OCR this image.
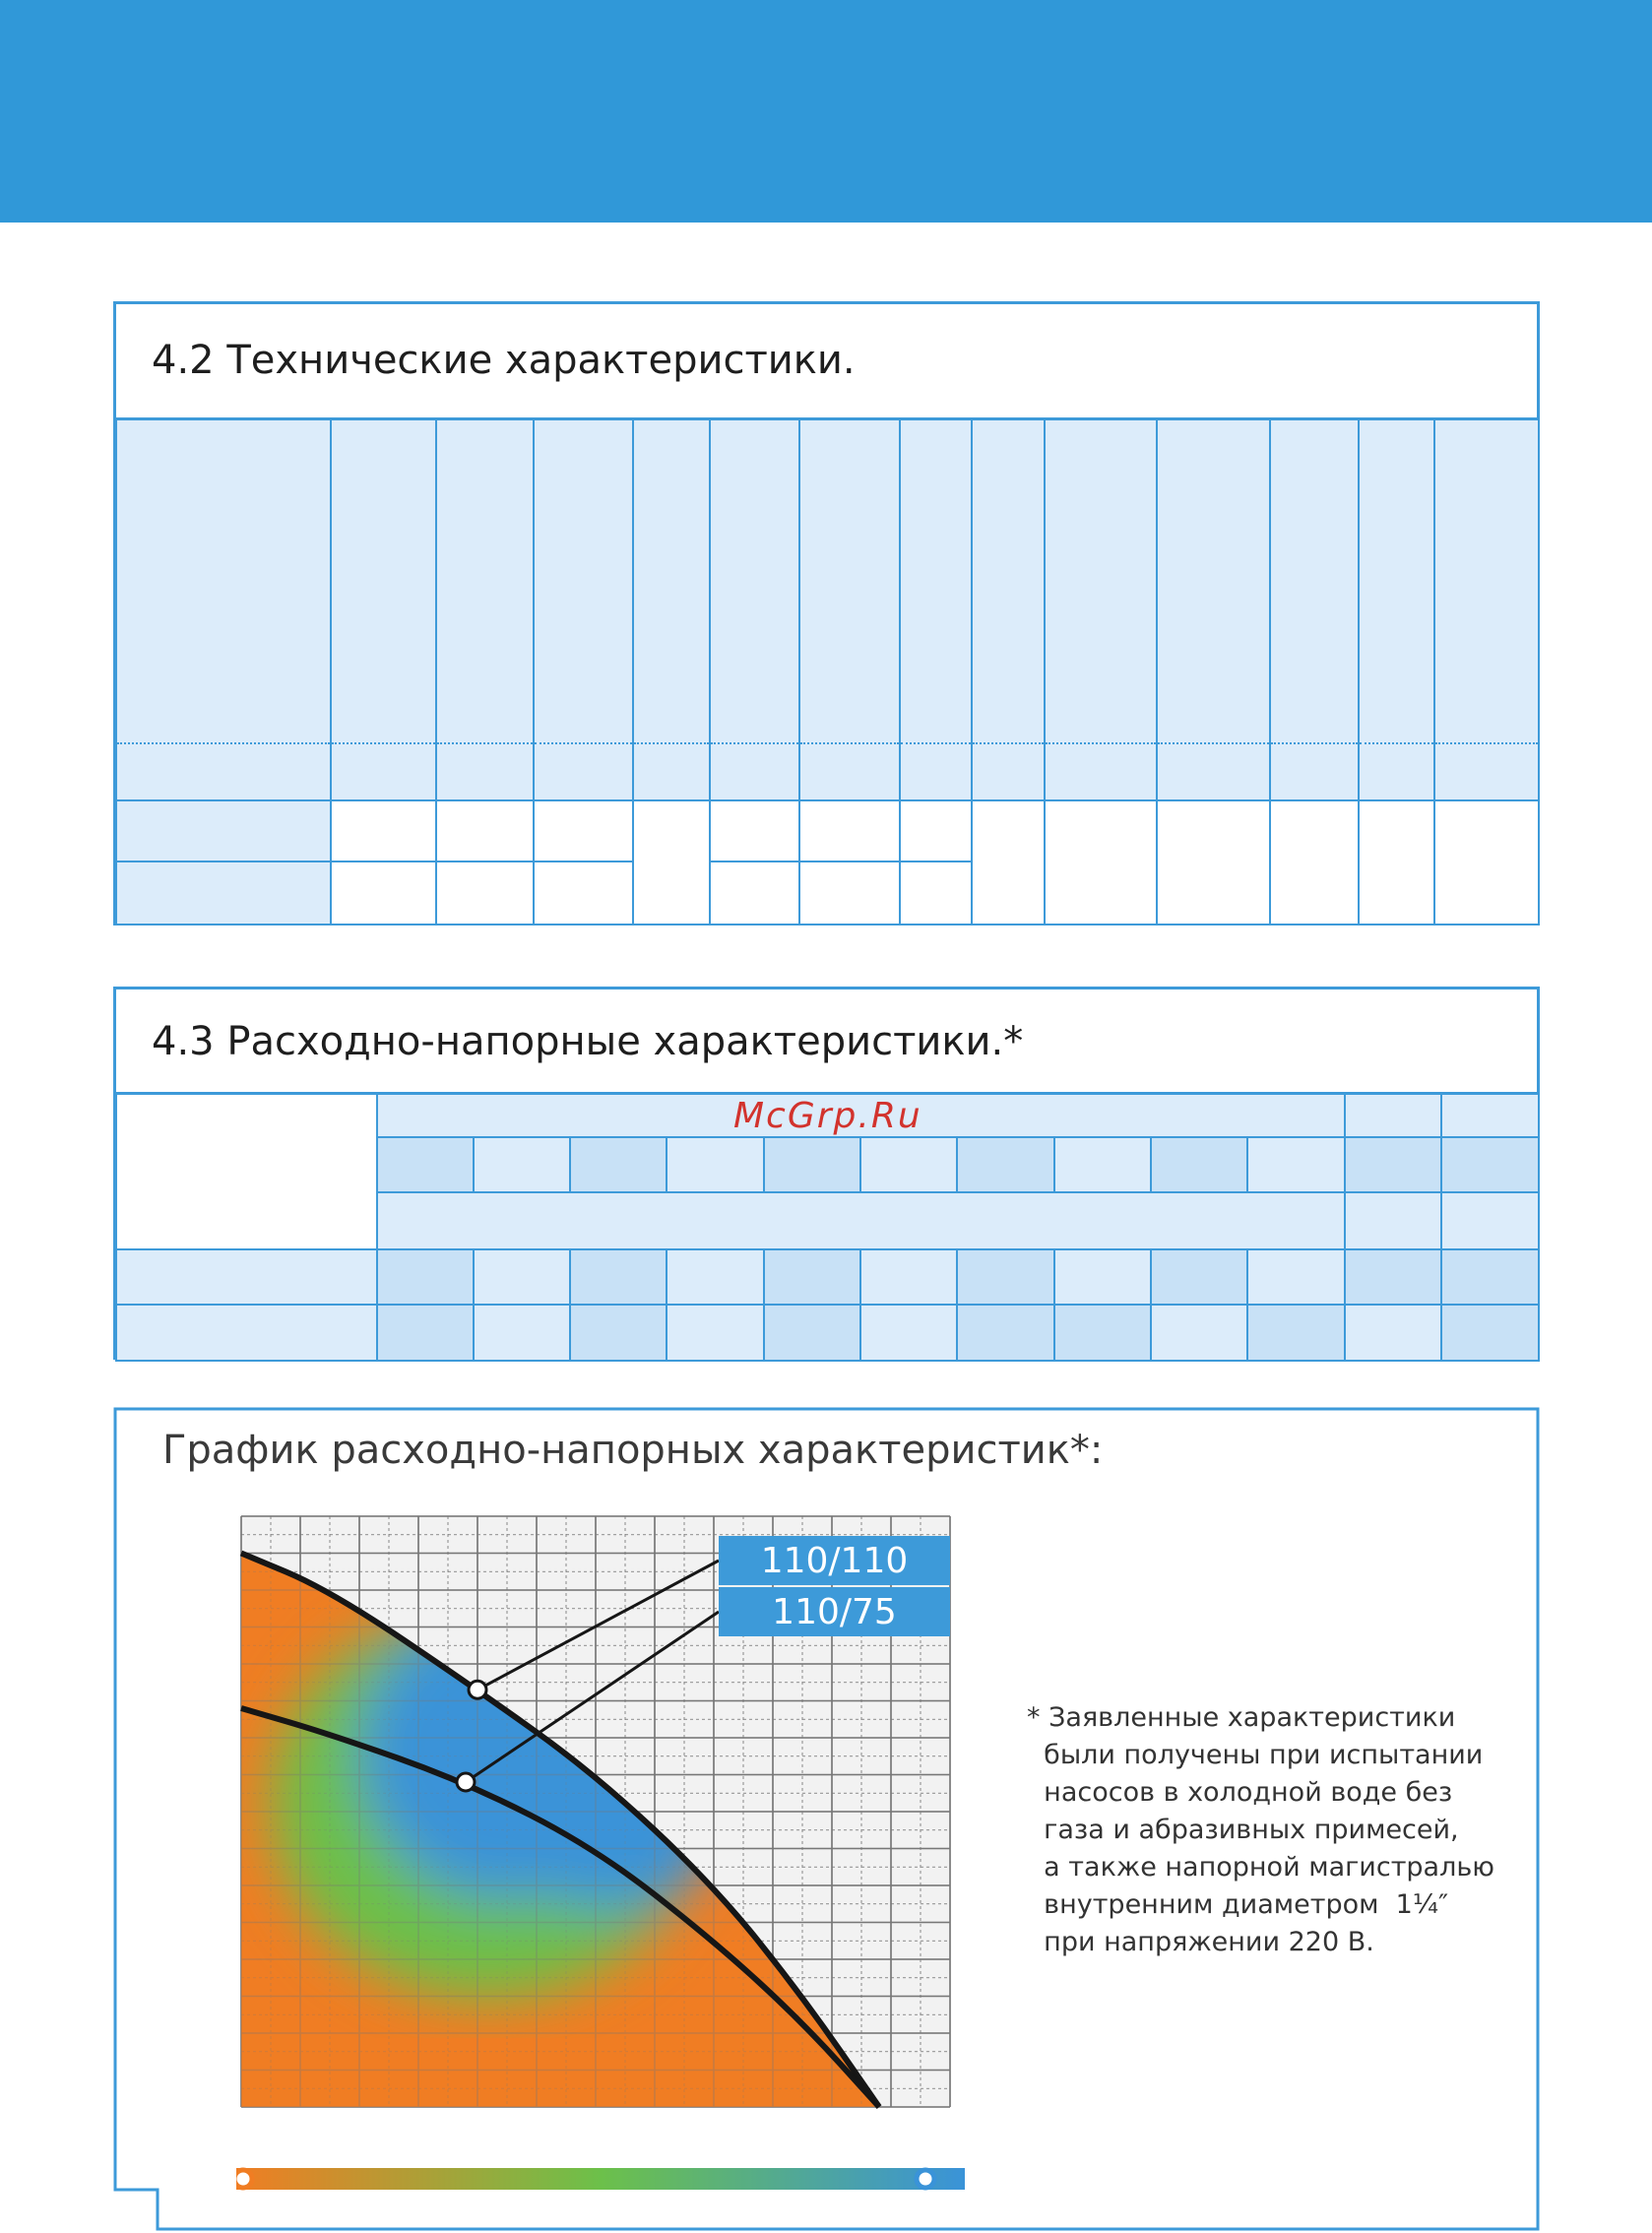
4.2 Технические характеристики.

4.3 Расходно-напорные характеристики.*

McGrp.Ru
График расходно-напорных характеристик*:
110/110
110/75
* Заявленные характеристики
были получены при испытании
насосов в холодной воде без
газа и абразивных примесей,
а также напорной магистралью
внутренним диаметром  1¼″
при напряжении 220 В.
